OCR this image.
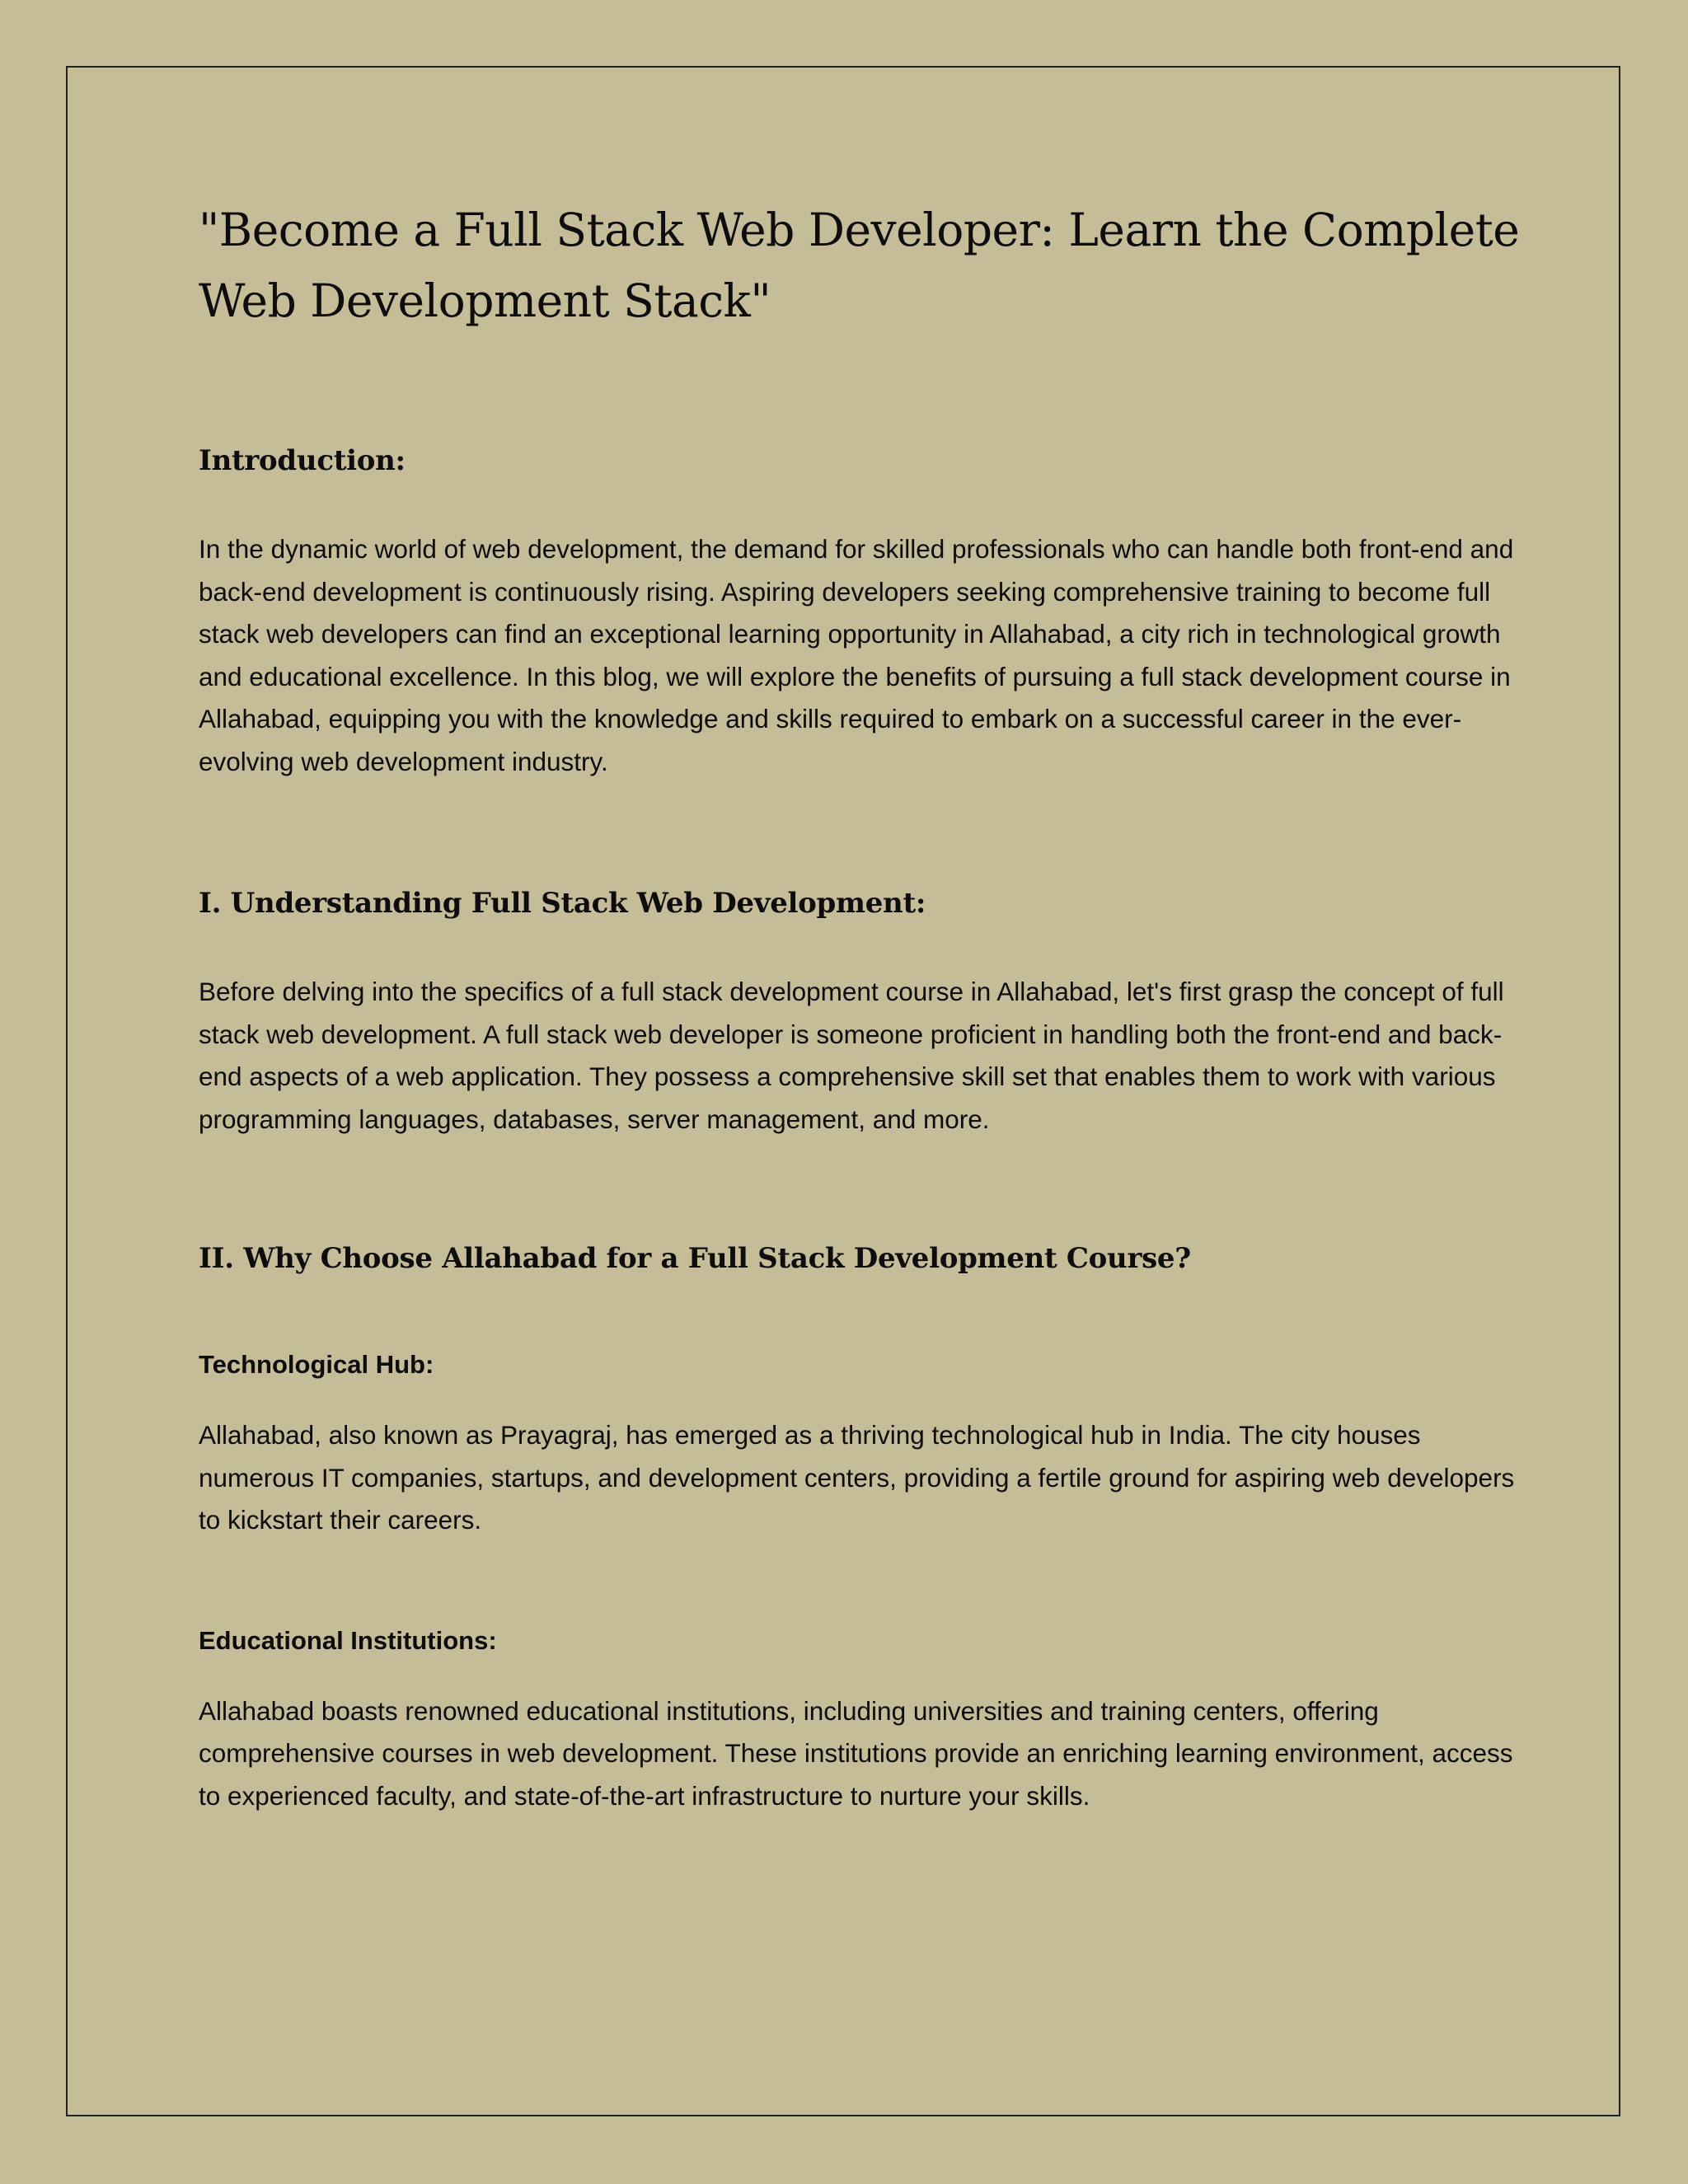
"Become a Full Stack Web Developer: Learn the Complete Web Development Stack"
Introduction:

In the dynamic world of web development, the demand for skilled professionals who can handle both front-end and back-end development is continuously rising. Aspiring developers seeking comprehensive training to become full stack web developers can find an exceptional learning opportunity in Allahabad, a city rich in technological growth and educational excellence. In this blog, we will explore the benefits of pursuing a full stack development course in Allahabad, equipping you with the knowledge and skills required to embark on a successful career in the ever-evolving web development industry.

I. Understanding Full Stack Web Development:

Before delving into the specifics of a full stack development course in Allahabad, let's first grasp the concept of full stack web development. A full stack web developer is someone proficient in handling both the front-end and back-end aspects of a web application. They possess a comprehensive skill set that enables them to work with various programming languages, databases, server management, and more.

II. Why Choose Allahabad for a Full Stack Development Course?
Technological Hub:

Allahabad, also known as Prayagraj, has emerged as a thriving technological hub in India. The city houses numerous IT companies, startups, and development centers, providing a fertile ground for aspiring web developers to kickstart their careers.

Educational Institutions:

Allahabad boasts renowned educational institutions, including universities and training centers, offering comprehensive courses in web development. These institutions provide an enriching learning environment, access to experienced faculty, and state-of-the-art infrastructure to nurture your skills.
